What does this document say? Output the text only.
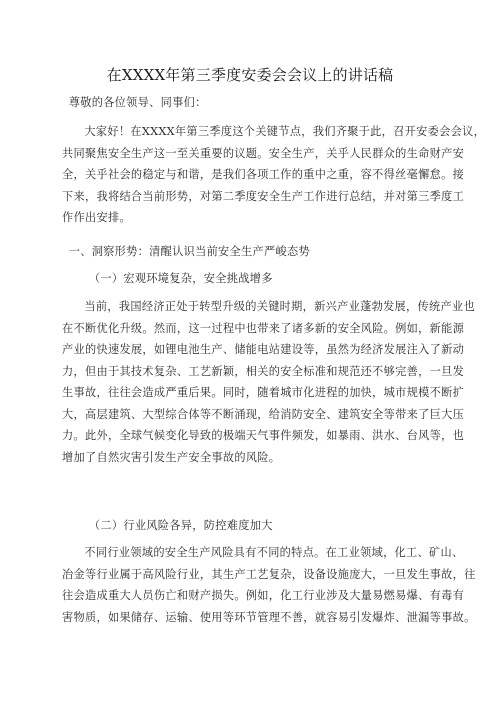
在XXXX年第三季度安委会会议上的讲话稿

尊敬的各位领导、同事们：

大家好！在XXXX年第三季度这个关键节点，我们齐聚于此，召开安委会会议，
共同聚焦安全生产这一至关重要的议题。安全生产，关乎人民群众的生命财产安
全，关乎社会的稳定与和谐，是我们各项工作的重中之重，容不得丝毫懈怠。接
下来，我将结合当前形势，对第二季度安全生产工作进行总结，并对第三季度工
作作出安排。
一、洞察形势：清醒认识当前安全生产严峻态势
（一）宏观环境复杂，安全挑战增多
当前，我国经济正处于转型升级的关键时期，新兴产业蓬勃发展，传统产业也
在不断优化升级。然而，这一过程中也带来了诸多新的安全风险。例如，新能源
产业的快速发展，如锂电池生产、储能电站建设等，虽然为经济发展注入了新动
力，但由于其技术复杂、工艺新颖，相关的安全标准和规范还不够完善，一旦发
生事故，往往会造成严重后果。同时，随着城市化进程的加快，城市规模不断扩
大，高层建筑、大型综合体等不断涌现，给消防安全、建筑安全等带来了巨大压
力。此外，全球气候变化导致的极端天气事件频发，如暴雨、洪水、台风等，也
增加了自然灾害引发生产安全事故的风险。
（二）行业风险各异，防控难度加大
不同行业领域的安全生产风险具有不同的特点。在工业领域，化工、矿山、
冶金等行业属于高风险行业，其生产工艺复杂，设备设施庞大，一旦发生事故，往
往会造成重大人员伤亡和财产损失。例如，化工行业涉及大量易燃易爆、有毒有
害物质，如果储存、运输、使用等环节管理不善，就容易引发爆炸、泄漏等事故。
